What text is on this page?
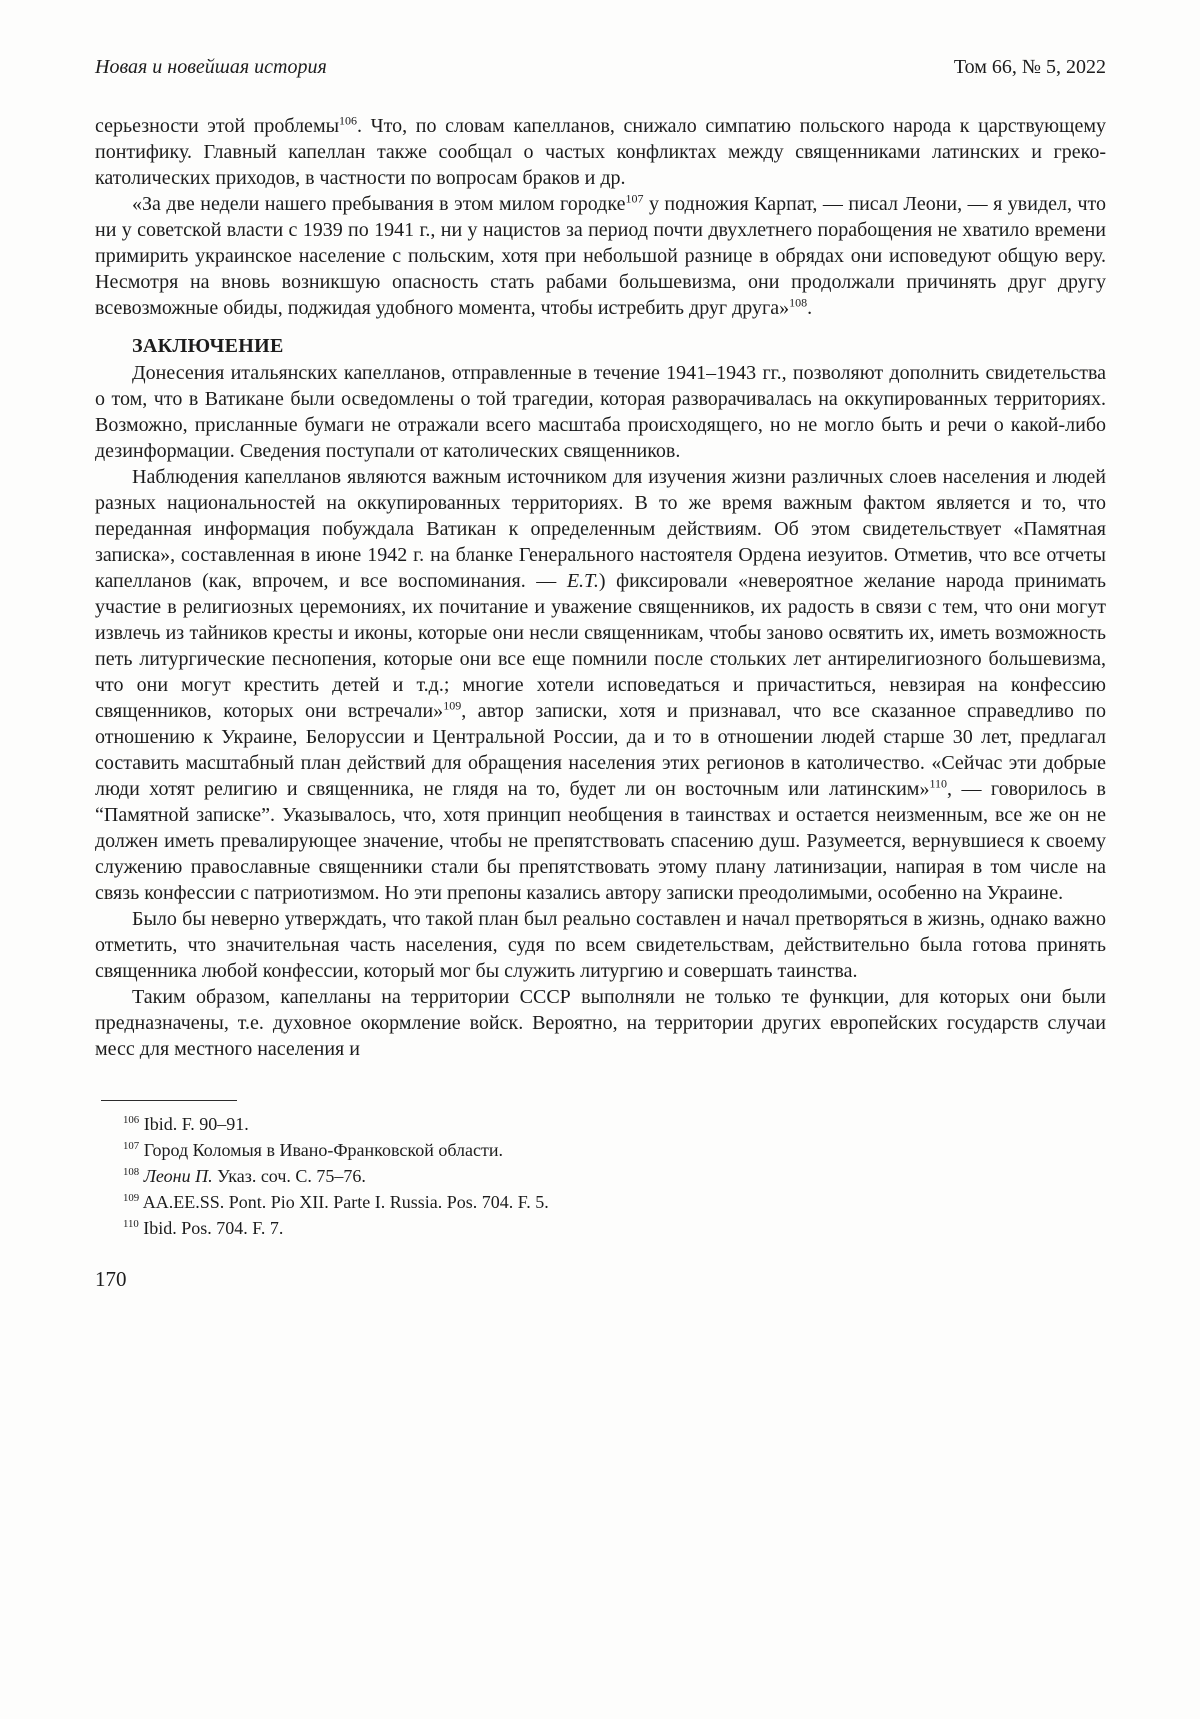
Новая и новейшая история	Том 66, № 5, 2022

серьезности этой проблемы$^{106}$. Что, по словам капелланов, снижало симпатию польского народа к царствующему понтифику. Главный капеллан также сообщал о частых конфликтах между священниками латинских и греко-католических приходов, в частности по вопросам браков и др.

«За две недели нашего пребывания в этом милом городке$^{107}$ у подножия Карпат, — писал Леони, — я увидел, что ни у советской власти с 1939 по 1941 г., ни у нацистов за период почти двухлетнего порабощения не хватило времени примирить украинское население с польским, хотя при небольшой разнице в обрядах они исповедуют общую веру. Несмотря на вновь возникшую опасность стать рабами большевизма, они продолжали причинять друг другу всевозможные обиды, поджидая удобного момента, чтобы истребить друг друга»$^{108}$.

ЗАКЛЮЧЕНИЕ

Донесения итальянских капелланов, отправленные в течение 1941–1943 гг., позволяют дополнить свидетельства о том, что в Ватикане были осведомлены о той трагедии, которая разворачивалась на оккупированных территориях. Возможно, присланные бумаги не отражали всего масштаба происходящего, но не могло быть и речи о какой-либо дезинформации. Сведения поступали от католических священников.

Наблюдения капелланов являются важным источником для изучения жизни различных слоев населения и людей разных национальностей на оккупированных территориях. В то же время важным фактом является и то, что переданная информация побуждала Ватикан к определенным действиям. Об этом свидетельствует «Памятная записка», составленная в июне 1942 г. на бланке Генерального настоятеля Ордена иезуитов. Отметив, что все отчеты капелланов (как, впрочем, и все воспоминания. — Е.Т.) фиксировали «невероятное желание народа принимать участие в религиозных церемониях, их почитание и уважение священников, их радость в связи с тем, что они могут извлечь из тайников кресты и иконы, которые они несли священникам, чтобы заново освятить их, иметь возможность петь литургические песнопения, которые они все еще помнили после стольких лет антирелигиозного большевизма, что они могут крестить детей и т.д.; многие хотели исповедаться и причаститься, невзирая на конфессию священников, которых они встречали»$^{109}$, автор записки, хотя и признавал, что все сказанное справедливо по отношению к Украине, Белоруссии и Центральной России, да и то в отношении людей старше 30 лет, предлагал составить масштабный план действий для обращения населения этих регионов в католичество. «Сейчас эти добрые люди хотят религию и священника, не глядя на то, будет ли он восточным или латинским»$^{110}$, — говорилось в “Памятной записке”. Указывалось, что, хотя принцип необщения в таинствах и остается неизменным, все же он не должен иметь превалирующее значение, чтобы не препятствовать спасению душ. Разумеется, вернувшиеся к своему служению православные священники стали бы препятствовать этому плану латинизации, напирая в том числе на связь конфессии с патриотизмом. Но эти препоны казались автору записки преодолимыми, особенно на Украине.

Было бы неверно утверждать, что такой план был реально составлен и начал претворяться в жизнь, однако важно отметить, что значительная часть населения, судя по всем свидетельствам, действительно была готова принять священника любой конфессии, который мог бы служить литургию и совершать таинства.

Таким образом, капелланы на территории СССР выполняли не только те функции, для которых они были предназначены, т.е. духовное окормление войск. Вероятно, на территории других европейских государств случаи месс для местного населения и

$^{106}$ Ibid. F. 90–91.

$^{107}$ Город Коломыя в Ивано-Франковской области.

$^{108}$ Леони П. Указ. соч. С. 75–76.

$^{109}$ AA.EE.SS. Pont. Pio XII. Parte I. Russia. Pos. 704. F. 5.

$^{110}$ Ibid. Pos. 704. F. 7.

170
